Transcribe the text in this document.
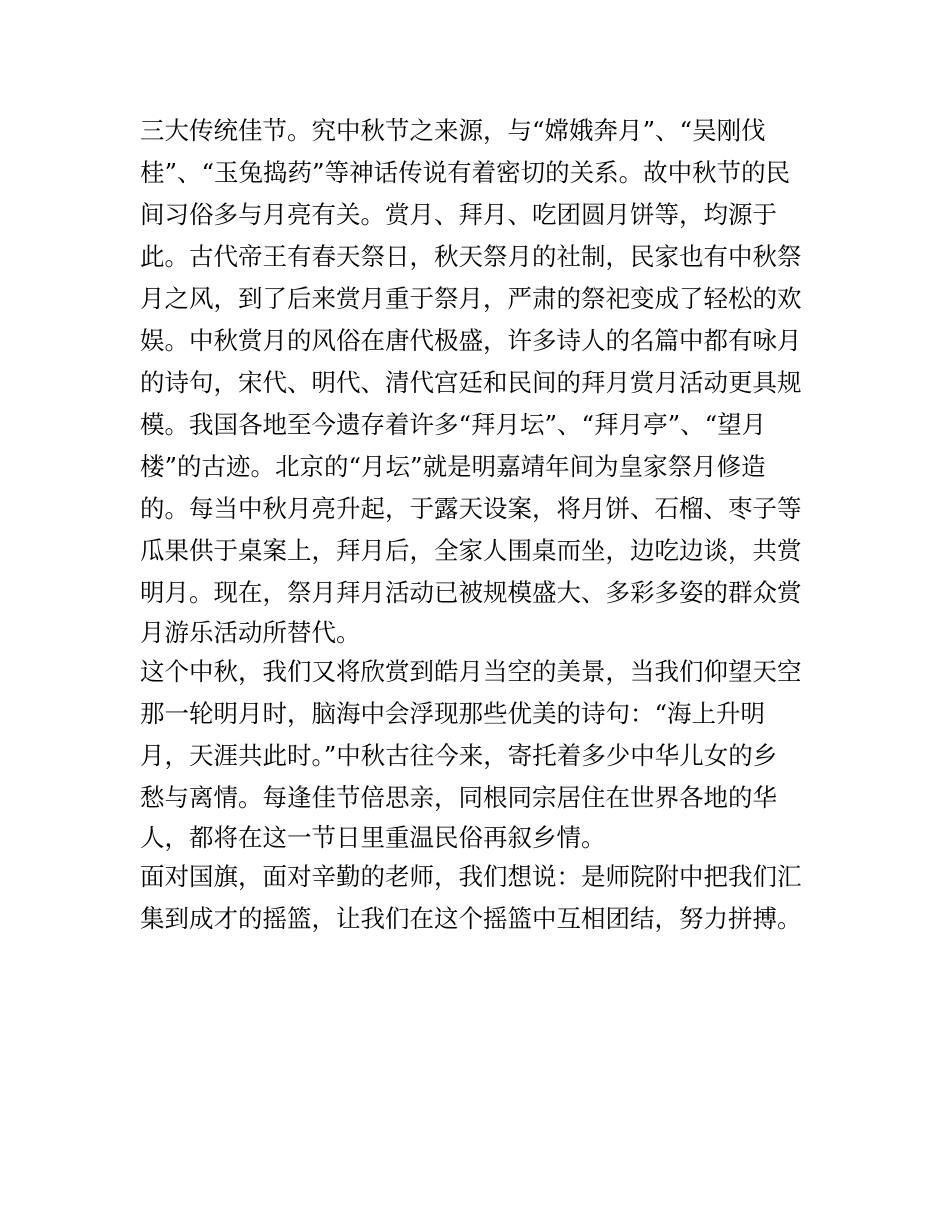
三大传统佳节。究中秋节之来源，与“嫦娥奔月”、“吴刚伐
桂”、“玉兔捣药”等神话传说有着密切的关系。故中秋节的民
间习俗多与月亮有关。赏月、拜月、吃团圆月饼等，均源于
此。古代帝王有春天祭日，秋天祭月的社制，民家也有中秋祭
月之风，到了后来赏月重于祭月，严肃的祭祀变成了轻松的欢
娱。中秋赏月的风俗在唐代极盛，许多诗人的名篇中都有咏月
的诗句，宋代、明代、清代宫廷和民间的拜月赏月活动更具规
模。我国各地至今遗存着许多“拜月坛”、“拜月亭”、“望月
楼”的古迹。北京的“月坛”就是明嘉靖年间为皇家祭月修造
的。每当中秋月亮升起，于露天设案，将月饼、石榴、枣子等
瓜果供于桌案上，拜月后，全家人围桌而坐，边吃边谈，共赏
明月。现在，祭月拜月活动已被规模盛大、多彩多姿的群众赏
月游乐活动所替代。
这个中秋，我们又将欣赏到皓月当空的美景，当我们仰望天空
那一轮明月时，脑海中会浮现那些优美的诗句：“海上升明
月，天涯共此时。”中秋古往今来，寄托着多少中华儿女的乡
愁与离情。每逢佳节倍思亲，同根同宗居住在世界各地的华
人，都将在这一节日里重温民俗再叙乡情。
面对国旗，面对辛勤的老师，我们想说：是师院附中把我们汇
集到成才的摇篮，让我们在这个摇篮中互相团结，努力拼搏。
